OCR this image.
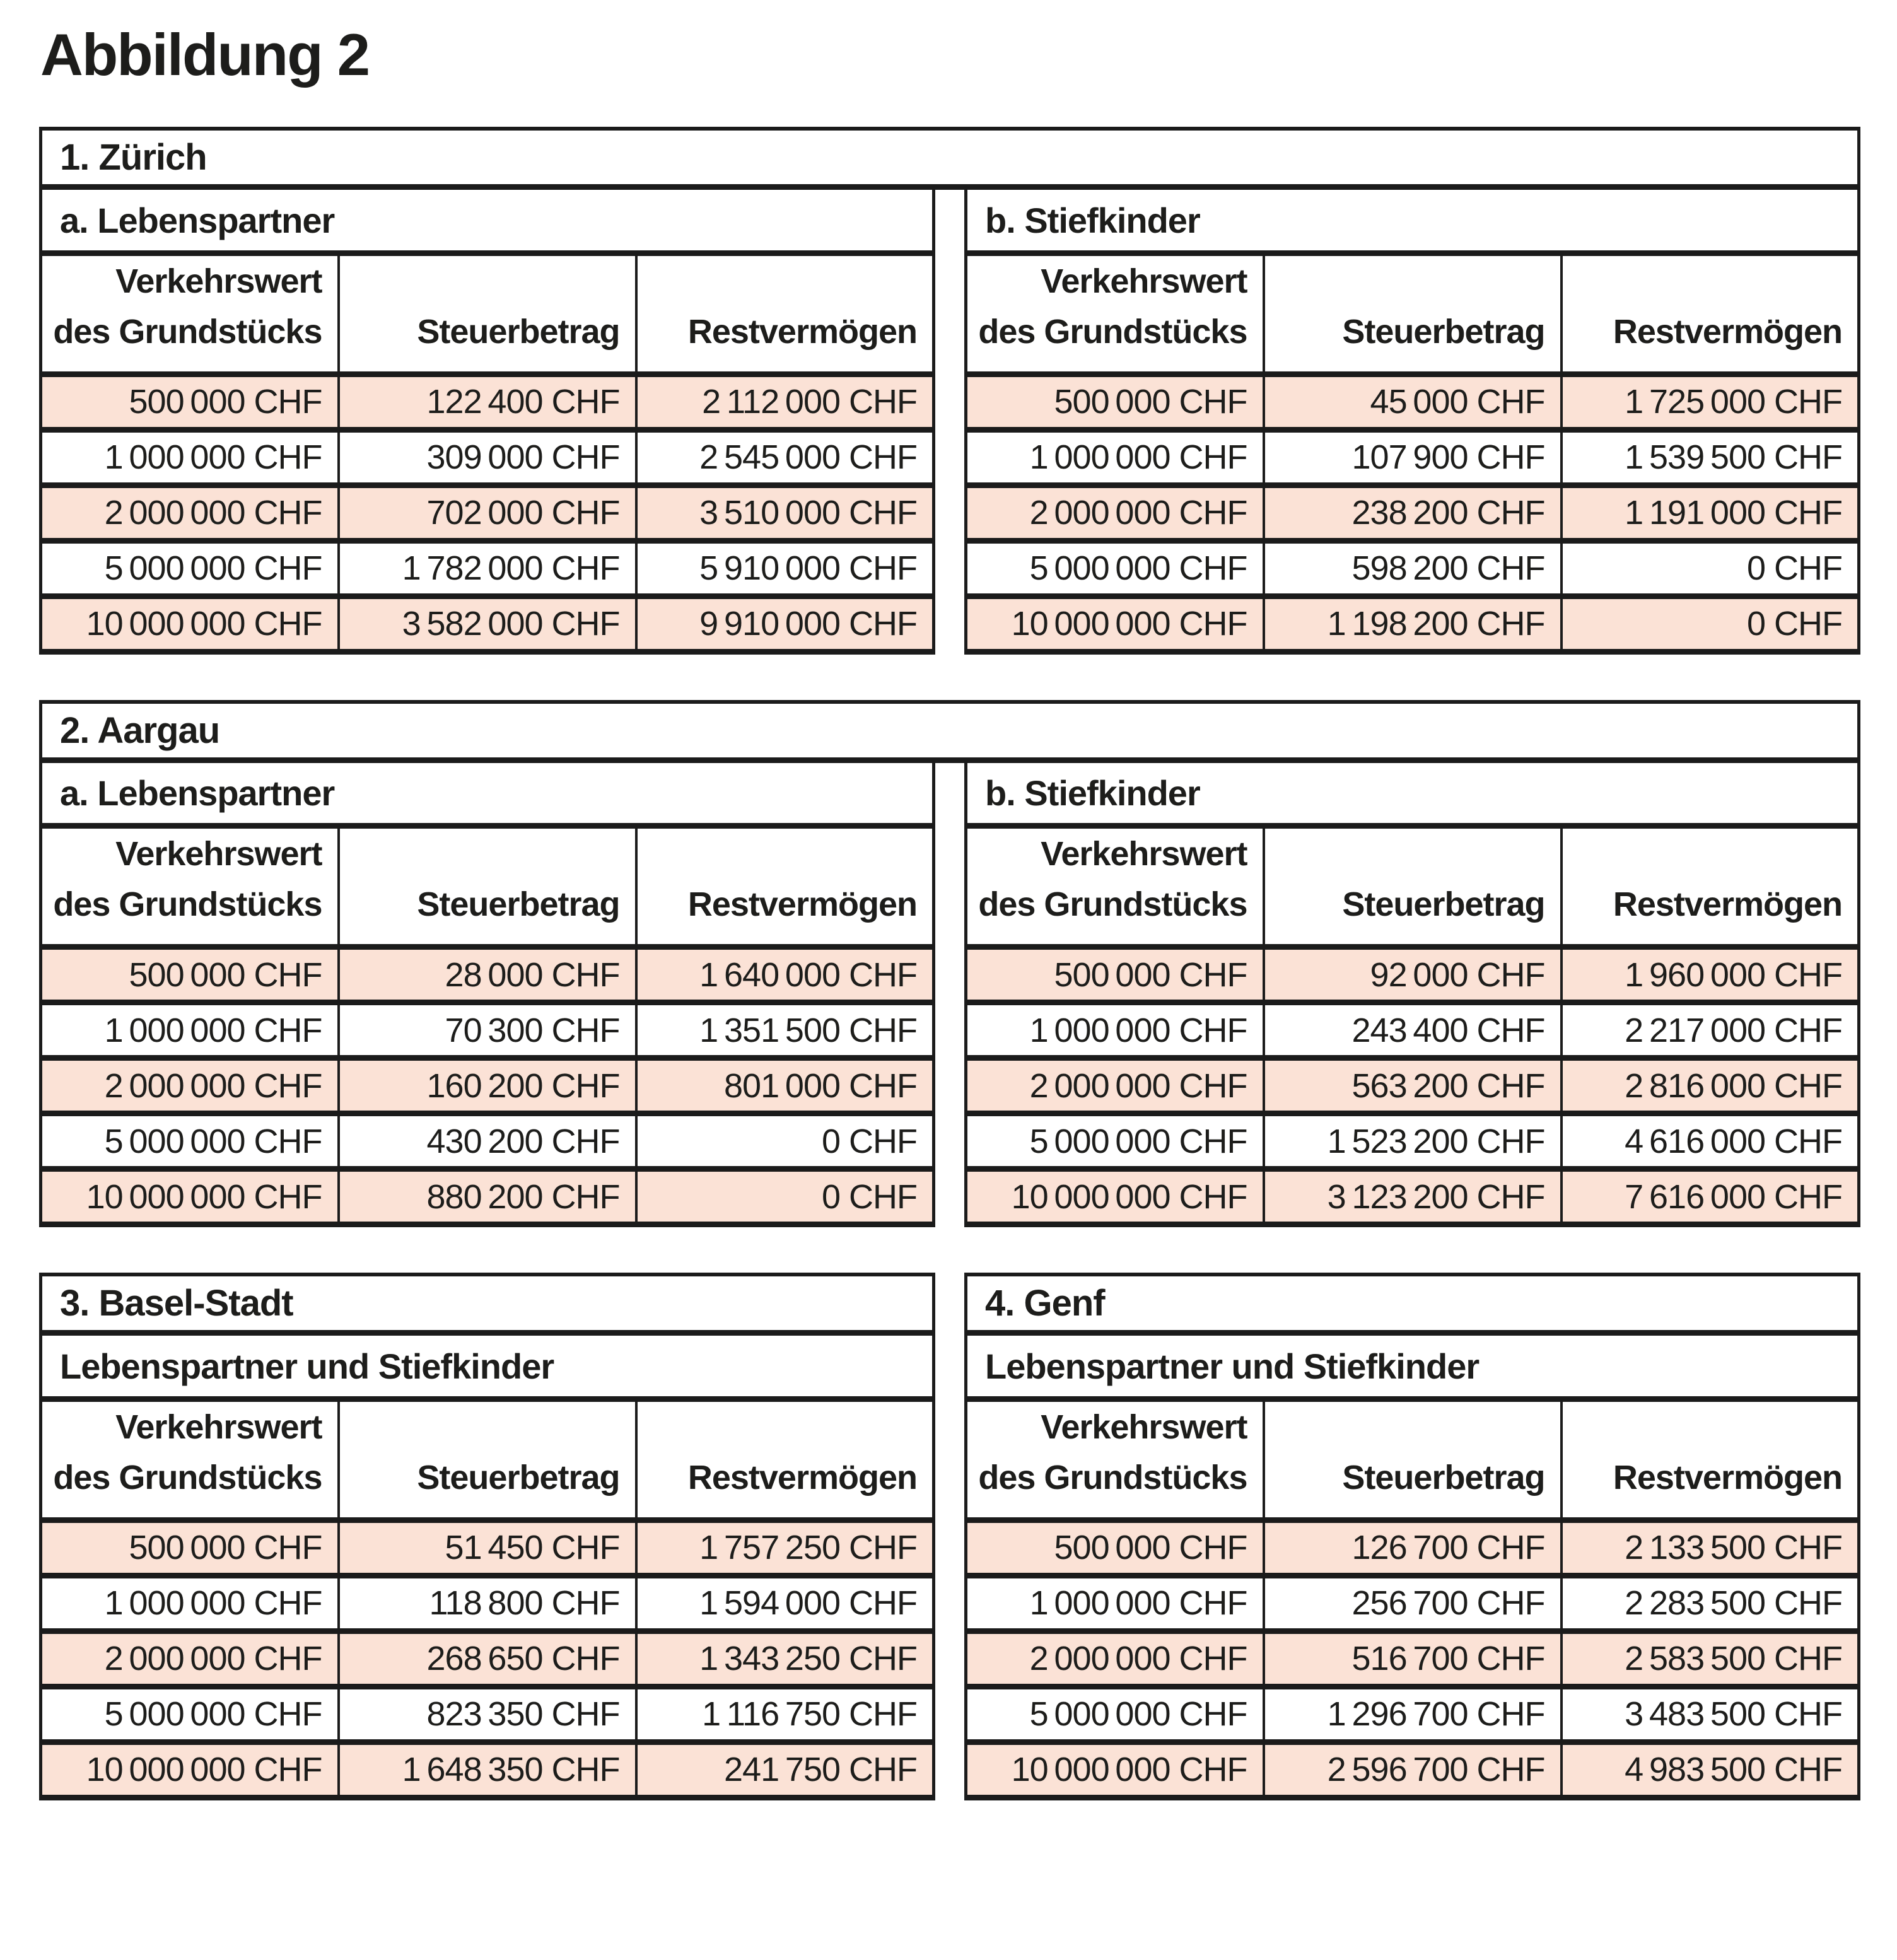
Abbildung 2
1. Zürich
a. Lebenspartner		

Verkehrswert
des Grundstücks	Steuerbetrag	Restvermögen
500 000 CHF	122 400 CHF	2 112 000 CHF
1 000 000 CHF	309 000 CHF	2 545 000 CHF
2 000 000 CHF	702 000 CHF	3 510 000 CHF
5 000 000 CHF	1 782 000 CHF	5 910 000 CHF
10 000 000 CHF	3 582 000 CHF	9 910 000 CHF
b. Stiefkinder		

Verkehrswert
des Grundstücks	Steuerbetrag	Restvermögen
500 000 CHF	45 000 CHF	1 725 000 CHF
1 000 000 CHF	107 900 CHF	1 539 500 CHF
2 000 000 CHF	238 200 CHF	1 191 000 CHF
5 000 000 CHF	598 200 CHF	0 CHF
10 000 000 CHF	1 198 200 CHF	0 CHF
2. Aargau
a. Lebenspartner		

Verkehrswert
des Grundstücks	Steuerbetrag	Restvermögen
500 000 CHF	28 000 CHF	1 640 000 CHF
1 000 000 CHF	70 300 CHF	1 351 500 CHF
2 000 000 CHF	160 200 CHF	801 000 CHF
5 000 000 CHF	430 200 CHF	0 CHF
10 000 000 CHF	880 200 CHF	0 CHF
b. Stiefkinder		

Verkehrswert
des Grundstücks	Steuerbetrag	Restvermögen
500 000 CHF	92 000 CHF	1 960 000 CHF
1 000 000 CHF	243 400 CHF	2 217 000 CHF
2 000 000 CHF	563 200 CHF	2 816 000 CHF
5 000 000 CHF	1 523 200 CHF	4 616 000 CHF
10 000 000 CHF	3 123 200 CHF	7 616 000 CHF
3. Basel-Stadt
Lebenspartner und Stiefkinder		

Verkehrswert
des Grundstücks	Steuerbetrag	Restvermögen
500 000 CHF	51 450 CHF	1 757 250 CHF
1 000 000 CHF	118 800 CHF	1 594 000 CHF
2 000 000 CHF	268 650 CHF	1 343 250 CHF
5 000 000 CHF	823 350 CHF	1 116 750 CHF
10 000 000 CHF	1 648 350 CHF	241 750 CHF
4. Genf
Lebenspartner und Stiefkinder		

Verkehrswert
des Grundstücks	Steuerbetrag	Restvermögen
500 000 CHF	126 700 CHF	2 133 500 CHF
1 000 000 CHF	256 700 CHF	2 283 500 CHF
2 000 000 CHF	516 700 CHF	2 583 500 CHF
5 000 000 CHF	1 296 700 CHF	3 483 500 CHF
10 000 000 CHF	2 596 700 CHF	4 983 500 CHF
